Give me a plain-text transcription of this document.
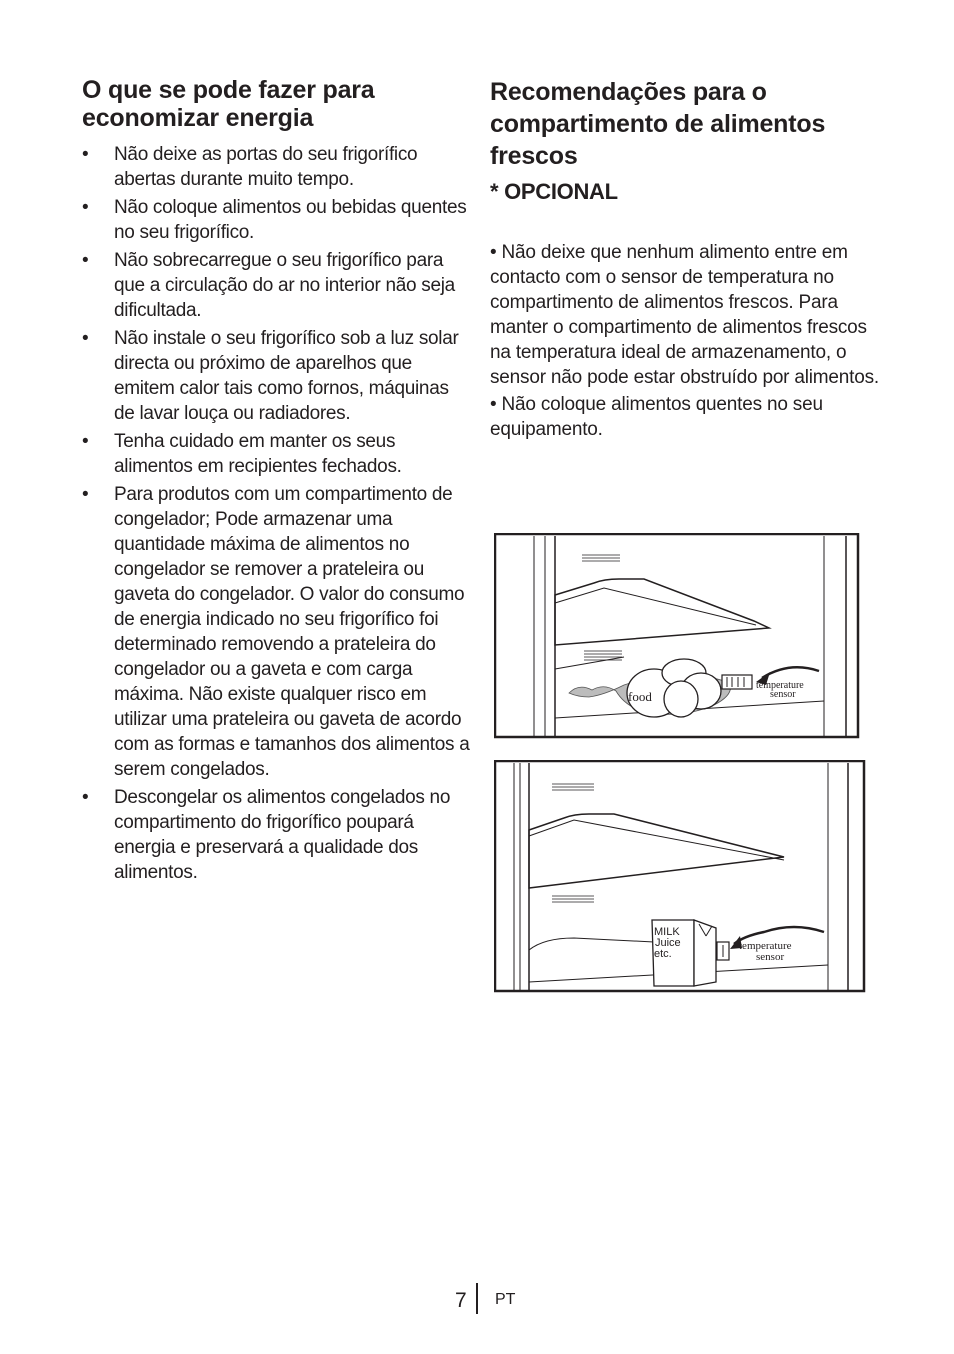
O que se pode fazer para economizar energia
• Não deixe as portas do seu frigorífico abertas durante muito tempo.
• Não coloque alimentos ou bebidas quentes no seu frigorífico.
• Não sobrecarregue o seu frigorífico para que a circulação do ar no interior não seja dificultada.
• Não instale o seu frigorífico sob a luz solar directa ou próximo de aparelhos que emitem calor tais como fornos, máquinas de lavar louça ou radiadores.
• Tenha cuidado em manter os seus alimentos em recipientes fechados.
• Para produtos com um compartimento de congelador; Pode armazenar uma quantidade máxima de alimentos no congelador se remover a prateleira ou gaveta do congelador. O valor do consumo de energia indicado no seu frigorífico foi determinado removendo a prateleira do congelador ou a gaveta e com carga máxima. Não existe qualquer risco em utilizar uma prateleira ou gaveta de acordo com as formas e tamanhos dos alimentos a serem congelados.
• Descongelar os alimentos congelados no compartimento do frigorífico poupará energia e preservará a qualidade dos alimentos.
Recomendações para o compartimento de alimentos frescos
* OPCIONAL

• Não deixe que nenhum alimento entre em contacto com o sensor de temperatura no compartimento de alimentos frescos. Para manter o compartimento de alimentos frescos na temperatura ideal de armazenamento, o sensor não pode estar obstruído por alimentos.

• Não coloque alimentos quentes no seu equipamento.

food
temperature
sensor
MILK
Juice
etc.
temperature
sensor
7 PT
